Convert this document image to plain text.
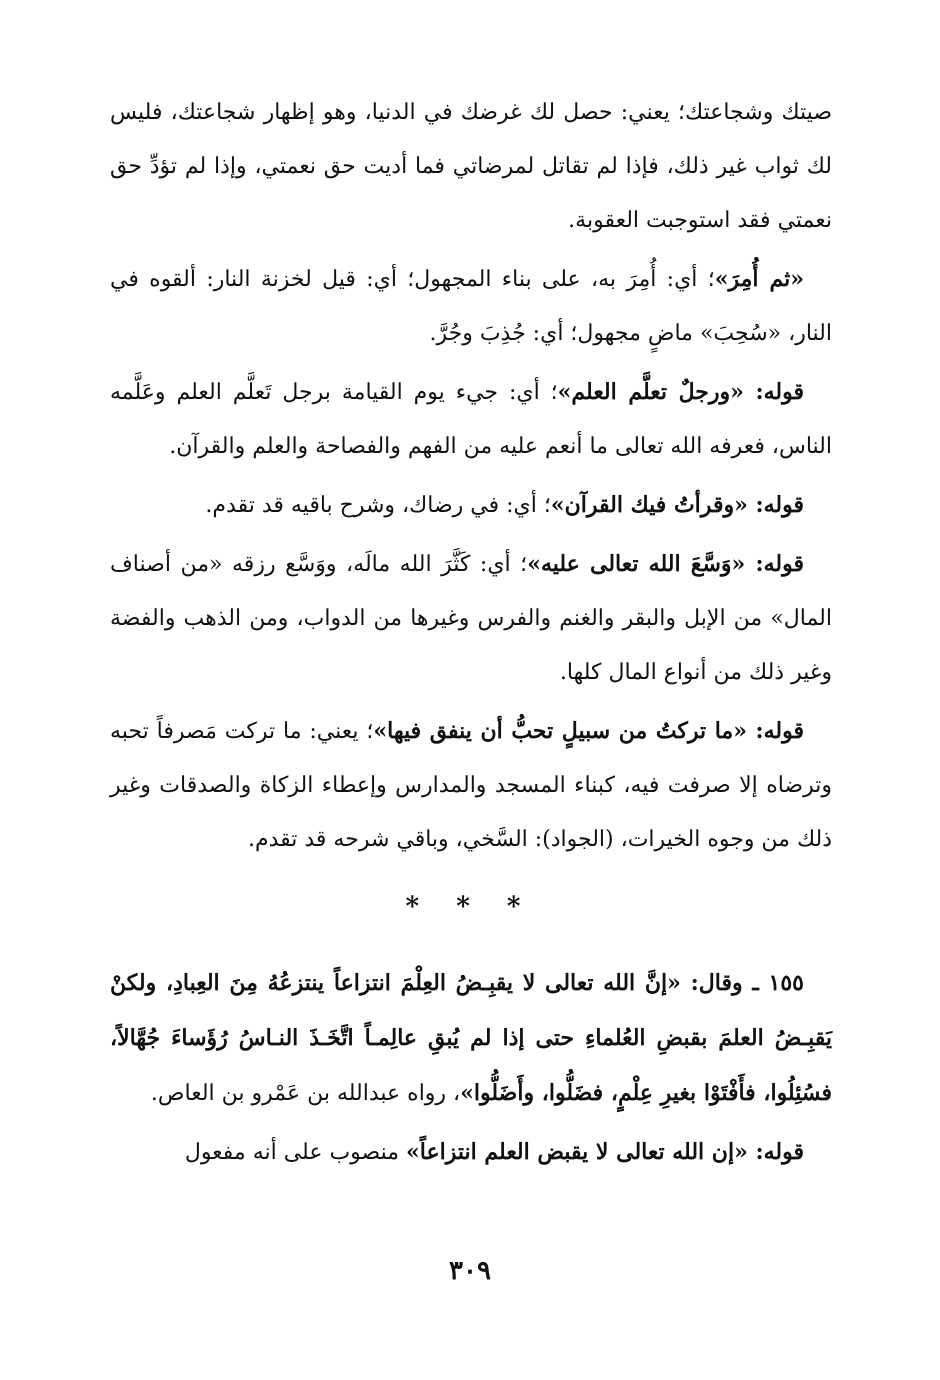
صيتك وشجاعتك؛ يعني: حصل لك غرضك في الدنيا، وهو إظهار شجاعتك، فليس لك ثواب غير ذلك، فإذا لم تقاتل لمرضاتي فما أديت حق نعمتي، وإذا لم تؤدِّ حق نعمتي فقد استوجبت العقوبة.

«ثم أُمِرَ»؛ أي: أُمِرَ به، على بناء المجهول؛ أي: قيل لخزنة النار: ألقوه في النار، «سُحِبَ» ماضٍ مجهول؛ أي: جُذِبَ وجُرَّ.

قوله: «ورجلٌ تعلَّم العلم»؛ أي: جيء يوم القيامة برجل تَعلَّم العلم وعَلَّمه الناس، فعرفه الله تعالى ما أنعم عليه من الفهم والفصاحة والعلم والقرآن.

قوله: «وقرأتُ فيك القرآن»؛ أي: في رضاك، وشرح باقيه قد تقدم.

قوله: «وَسَّعَ الله تعالى عليه»؛ أي: كَثَّرَ الله مالَه، ووَسَّع رزقه «من أصناف المال» من الإبل والبقر والغنم والفرس وغيرها من الدواب، ومن الذهب والفضة وغير ذلك من أنواع المال كلها.

قوله: «ما تركتُ من سبيلٍ تحبُّ أن ينفق فيها»؛ يعني: ما تركت مَصرفاً تحبه وترضاه إلا صرفت فيه، كبناء المسجد والمدارس وإعطاء الزكاة والصدقات وغير ذلك من وجوه الخيرات، (الجواد): السَّخي، وباقي شرحه قد تقدم.

* * *

١٥٥ ـ وقال: «إنَّ الله تعالى لا يقبِـضُ العِلْمَ انتزاعاً ينتزعُهُ مِنَ العِبادِ، ولكنْ يَقبِـضُ العلمَ بقبضِ العُلماءِ حتى إذا لم يُبقِ عالِمـاً اتَّخَـذَ النـاسُ رُؤَساءَ جُهَّالاً، فسُئِلُوا، فأَفْتَوْا بغيرِ عِلْمٍ، فضَلُّوا، وأَضَلُّوا»، رواه عبدالله بن عَمْرو بن العاص.

قوله: «إن الله تعالى لا يقبض العلم انتزاعاً» منصوب على أنه مفعول

٣٠٩
